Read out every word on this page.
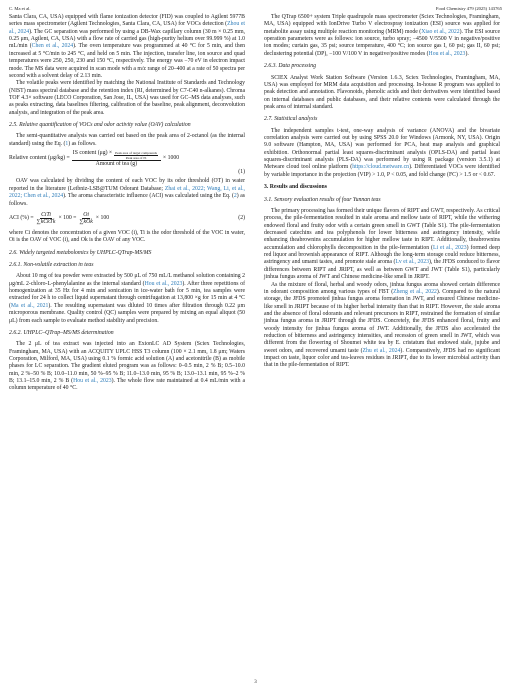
C. Ma et al.	Food Chemistry 479 (2025) 143765

Santa Clara, CA, USA) equipped with flame ionization detector (FID) was coupled to Agilent 5977B series mass spectrometer (Agilent Technologies, Santa Clara, CA, USA) for VOCs detection (Zhou et al., 2024). The GC separation was performed by using a DB-Wax capillary column (30 m × 0.25 mm, 0.25 μm, Agilent, CA, USA) with a flow rate of carried gas (high-purity helium over 99.999 %) at 1.0 mL/min (Chen et al., 2024). The oven temperature was programmed at 40 °C for 5 min, and then increased at 5 °C/min to 245 °C, and held on 5 min. The injection, transfer line, ion source and quad temperatures were 250, 250, 230 and 150 °C, respectively. The energy was −70 eV in electron impact mode. The MS data were acquired in scan mode with a m/z range of 20–400 at a rate of 50 spectra per second with a solvent delay of 2.13 min.

The volatile peaks were identified by matching the National Institute of Standards and Technology (NIST) mass spectral database and the retention index (RI, determined by C7-C40 n-alkanes). Chroma TOF 4.3× software (LECO Corporation, San Jose, IL, USA) was used for GC–MS data analyses, such as peaks extracting, data baselines filtering, calibration of the baseline, peak alignment, deconvolution analysis, and integration of the peak area.

2.5. Relative quantification of VOCs and odor activity value (OAV) calculation

The semi-quantitative analysis was carried out based on the peak area of 2-octanol (as the internal standard) using the Eq. (1) as follows.

Relative content (μg/kg) =
IS content $(\mu g) \times \frac{\text{Peak area of target compounds}}{\text{Peak area of IS}}$
Amount of tea (g)
× 1000
(1)

OAV was calculated by dividing the content of each VOC by its odor threshold (OT) in water reported in the literature (Leibniz-LSB@TUM Odorant Database; Zhai et al., 2022; Wang, Li, et al., 2022; Chen et al., 2024). The aroma characteristic influence (ACI) was calculated using the Eq. (2) as follows.

ACI (%) = $\frac{\text{CiTi}}{\text{∑kCkTk}} \times 100 = \frac{Oi}{\text{∑kOk}} \times 100$	(2)

where Ci denotes the concentration of a given VOC (i), Ti is the odor threshold of the VOC in water, Oi is the OAV of VOC (i), and Ok is the OAV of any VOC.

2.6. Widely targeted metabolomics by UHPLC-QTrap-MS/MS
2.6.1. Non-volatile extraction in teas

About 10 mg of tea powder were extracted by 500 μL of 750 mL/L methanol solution containing 2 μg/mL 2-chloro-L-phenylalanine as the internal standard (Hou et al., 2023). After three repetitions of homogenization at 35 Hz for 4 min and sonication in ice-water bath for 5 min, tea samples were extracted for 24 h to collect liquid supernatant through centrifugation at 13,800 ×g for 15 min at 4 °C (Ma et al., 2021). The resulting supernatant was diluted 10 times after filtration through 0.22 μm microporous membrane. Quality control (QC) samples were prepared by mixing an equal aliquot (50 μL) from each sample to evaluate method stability and precision.

2.6.2. UHPLC–QTrap–MS/MS determination

The 2 μL of tea extract was injected into an ExionLC AD System (Sciex Technologies, Framingham, MA, USA) with an ACQUITY UPLC HSS T3 column (100 × 2.1 mm, 1.8 μm; Waters Corporation, Milford, MA, USA) using 0.1 % formic acid solution (A) and acetonitrile (B) as mobile phases for LC separation. The gradient eluted program was as follows: 0–0.5 min, 2 % B; 0.5–10.0 min, 2 %–50 % B; 10.0–11.0 min, 50 %–95 % B; 11.0–13.0 min, 95 % B; 13.0–13.1 min, 95 %–2 % B; 13.1–15.0 min, 2 % B (Hou et al., 2023). The whole flow rate maintained at 0.4 mL/min with a column temperature of 40 °C.

The QTrap 6500+ system Triple quadrupole mass spectrometer (Sciex Technologies, Framingham, MA, USA) equipped with IonDrive Turbo V electrospray ionization (ESI) source was applied for metabolite assay using multiple reaction monitoring (MRM) mode (Xiao et al., 2022). The ESI source operation parameters were as follows: ion source, turbo spray; −4500 V/5500 V in negative/positive ion modes; curtain gas, 35 psi; source temperature, 400 °C; ion source gas I, 60 psi; gas II, 60 psi; declustering potential (DP), −100 V/100 V in negative/positive modes (Hou et al., 2023).

2.6.3. Data processing

SCIEX Analyst Work Station Software (Version 1.6.3, Sciex Technologies, Framingham, MA, USA) was employed for MRM data acquisition and processing. In-house R program was applied to peak detection and annotation. Flavonoids, phenolic acids and their derivatives were identified based on internal databases and public databases, and their relative contents were calculated through the peak area of internal standard.

2.7. Statistical analysis

The independent samples t-test, one-way analysis of variance (ANOVA) and the bivariate correlation analysis were carried out by using SPSS 20.0 for Windows (Armonk, NY, USA). Origin 9.0 software (Hampton, MA, USA) was performed for PCA, heat map analysis and graphical exhibition. Orthonormal partial least squares-discriminant analysis (OPLS-DA) and partial least squares-discriminant analysis (PLS-DA) was performed by using R package (version 3.5.1) at Metware cloud tool online platform (https://cloud.metware.cn). Differentiated VOCs were identified by variable importance in the projection (VIP) > 1.0, P < 0.05, and fold change (FC) > 1.5 or < 0.67.

3. Results and discussions
3.1. Sensory evaluation results of four Yunnan teas

The primary processing has formed their unique flavors of RIPT and GWT, respectively. As critical process, the pile-fermentation resulted in stale aroma and mellow taste of RIPT, while the withering endowed floral and fruity odor with a certain green smell in GWT (Table S1). The pile-fermentation decreased catechins and tea polyphenols for lower bitterness and astringency intensity, while enhancing theabrownins accumulation for higher mellow taste in RIPT. Additionally, theabrownins accumulation and chlorophylls decomposition in the pile-fermentation (Li et al., 2023) formed deep red liquor and brownish appearance of RIPT. Although the long-term storage could reduce bitterness, astringency and umami tastes, and promote stale aroma (Lv et al., 2023), the JFDS conduced to flavor differences between RIPT and JRIPT, as well as between GWT and JWT (Table S1), particularly jinhua fungus aroma of JWT and Chinese medicine-like smell in JRIPT.

As the mixture of floral, herbal and woody odors, jinhua fungus aroma showed certain difference in odorant composition among various types of FBT (Zheng et al., 2022). Compared to the natural storage, the JFDS promoted jinhua fungus aroma formation in JWT, and ensured Chinese medicine-like smell in JRIPT because of its higher herbal intensity than that in RIPT. However, the stale aroma and the absence of floral odorants and relevant precursors in RIPT, restrained the formation of similar jinhua fungus aroma in JRIPT through the JFDS. Concretely, the JFDS enhanced floral, fruity and woody intensity for jinhua fungus aroma of JWT. Additionally, the JFDS also accelerated the reduction of bitterness and astringency intensities, and recession of green smell in JWT, which was different from the flowering of Shoumei white tea by E. cristatum that endowed stale, jujube and sweet odors, and recovered umami taste (Zhu et al., 2024). Comparatively, JFDS had no significant impact on taste, liquor color and tea-leaves residues in JRIPT, due to its lower microbial activity than that in the pile-fermentation of RIPT.

3
